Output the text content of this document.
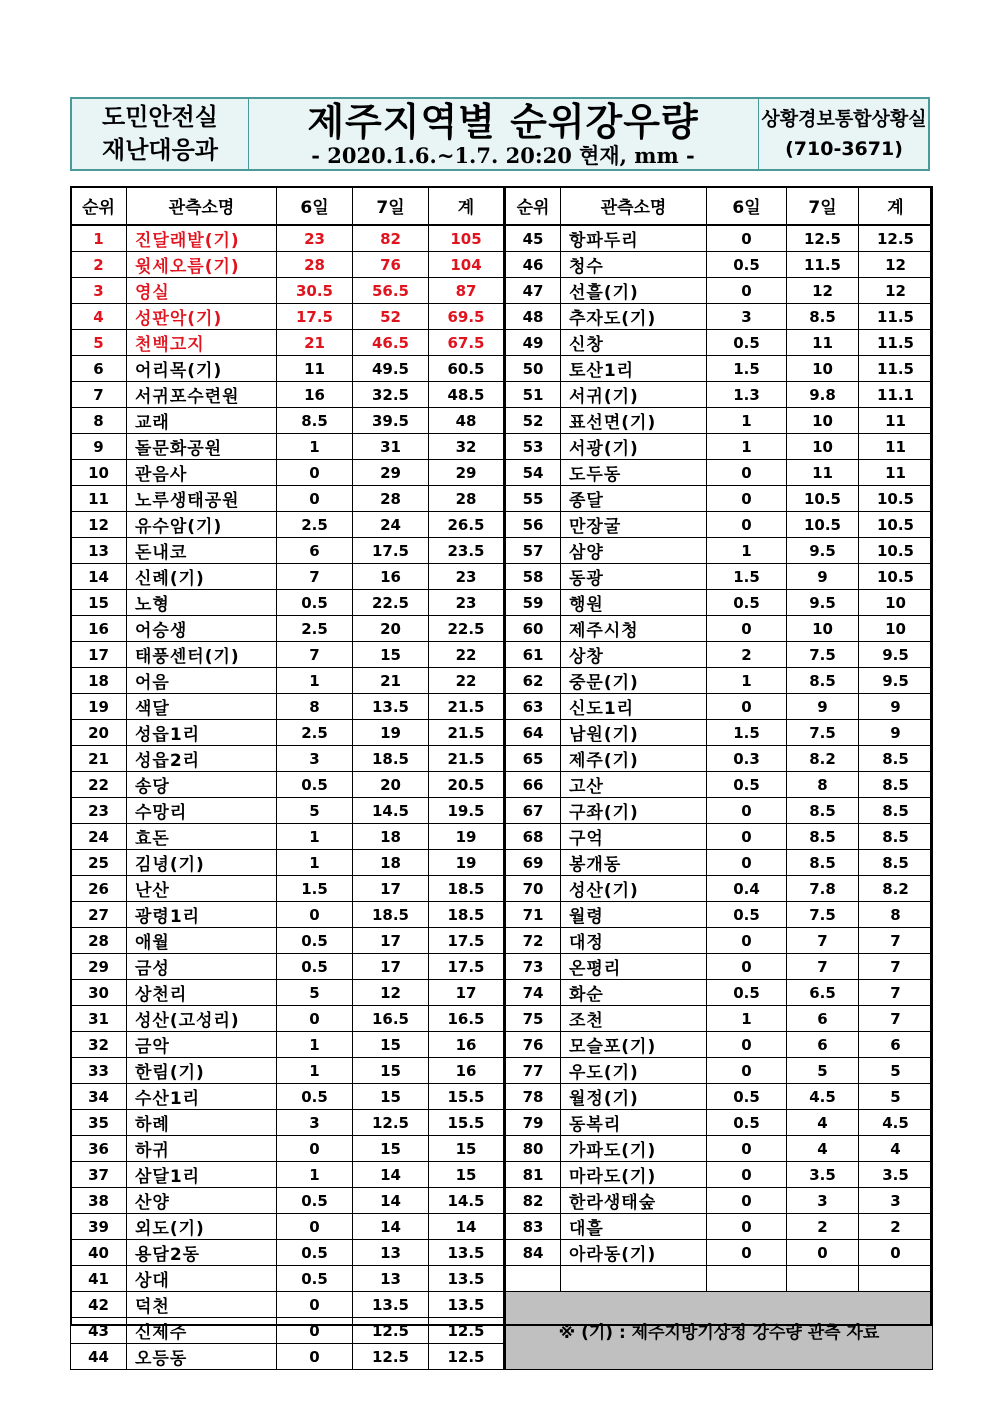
도민안전실
재난대응과
제주지역별 순위강우량
- 2020.1.6.~1.7. 20:20 현재, mm -
상황경보통합상황실
(710-3671)
순위	관측소명	6일	7일	계	순위	관측소명	6일	7일	계
1	진달래밭(기)	23	82	105	45	항파두리	0	12.5	12.5
2	윗세오름(기)	28	76	104	46	청수	0.5	11.5	12
3	영실	30.5	56.5	87	47	선흘(기)	0	12	12
4	성판악(기)	17.5	52	69.5	48	추자도(기)	3	8.5	11.5
5	천백고지	21	46.5	67.5	49	신창	0.5	11	11.5
6	어리목(기)	11	49.5	60.5	50	토산1리	1.5	10	11.5
7	서귀포수련원	16	32.5	48.5	51	서귀(기)	1.3	9.8	11.1
8	교래	8.5	39.5	48	52	표선면(기)	1	10	11
9	돌문화공원	1	31	32	53	서광(기)	1	10	11
10	관음사	0	29	29	54	도두동	0	11	11
11	노루생태공원	0	28	28	55	종달	0	10.5	10.5
12	유수암(기)	2.5	24	26.5	56	만장굴	0	10.5	10.5
13	돈내코	6	17.5	23.5	57	삼양	1	9.5	10.5
14	신례(기)	7	16	23	58	동광	1.5	9	10.5
15	노형	0.5	22.5	23	59	행원	0.5	9.5	10
16	어승생	2.5	20	22.5	60	제주시청	0	10	10
17	태풍센터(기)	7	15	22	61	상창	2	7.5	9.5
18	어음	1	21	22	62	중문(기)	1	8.5	9.5
19	색달	8	13.5	21.5	63	신도1리	0	9	9
20	성읍1리	2.5	19	21.5	64	남원(기)	1.5	7.5	9
21	성읍2리	3	18.5	21.5	65	제주(기)	0.3	8.2	8.5
22	송당	0.5	20	20.5	66	고산	0.5	8	8.5
23	수망리	5	14.5	19.5	67	구좌(기)	0	8.5	8.5
24	효돈	1	18	19	68	구억	0	8.5	8.5
25	김녕(기)	1	18	19	69	봉개동	0	8.5	8.5
26	난산	1.5	17	18.5	70	성산(기)	0.4	7.8	8.2
27	광령1리	0	18.5	18.5	71	월령	0.5	7.5	8
28	애월	0.5	17	17.5	72	대정	0	7	7
29	금성	0.5	17	17.5	73	온평리	0	7	7
30	상천리	5	12	17	74	화순	0.5	6.5	7
31	성산(고성리)	0	16.5	16.5	75	조천	1	6	7
32	금악	1	15	16	76	모슬포(기)	0	6	6
33	한림(기)	1	15	16	77	우도(기)	0	5	5
34	수산1리	0.5	15	15.5	78	월정(기)	0.5	4.5	5
35	하례	3	12.5	15.5	79	동복리	0.5	4	4.5
36	하귀	0	15	15	80	가파도(기)	0	4	4
37	삼달1리	1	14	15	81	마라도(기)	0	3.5	3.5
38	산양	0.5	14	14.5	82	한라생태숲	0	3	3
39	외도(기)	0	14	14	83	대흘	0	2	2
40	용담2동	0.5	13	13.5	84	아라동(기)	0	0	0
41	상대	0.5	13	13.5					
42	덕천	0	13.5	13.5	※ (기) : 제주지방기상청 강수량 관측 자료				
43	신제주	0	12.5	12.5					
44	오등동	0	12.5	12.5					
